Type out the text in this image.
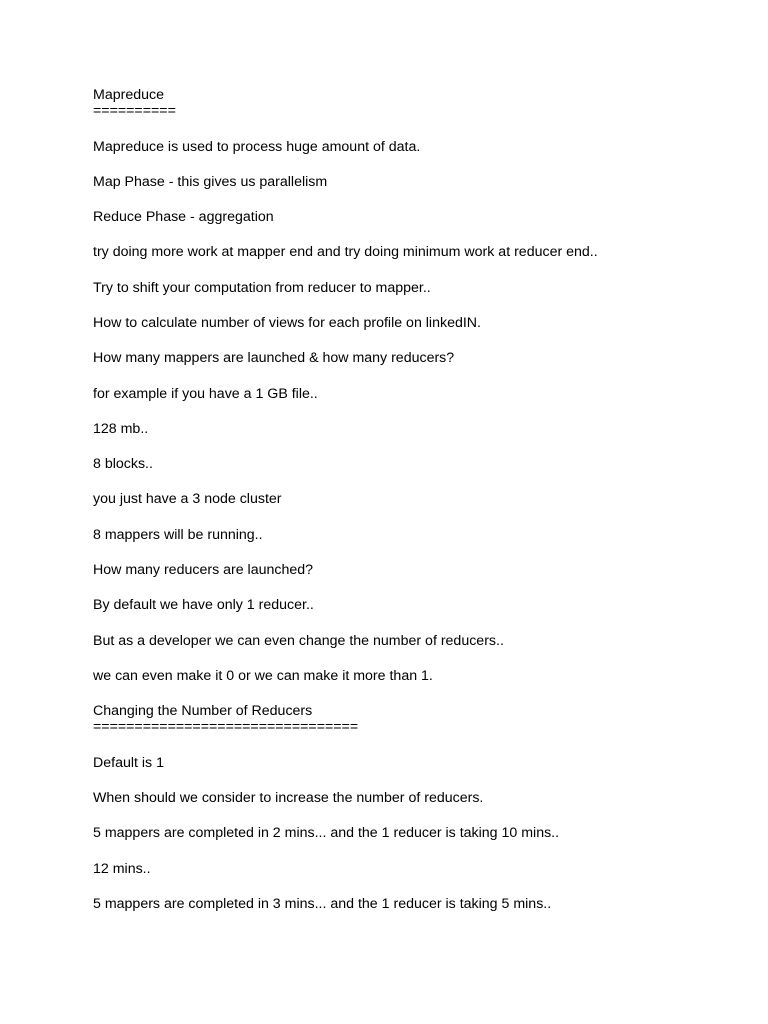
Mapreduce
==========
Mapreduce is used to process huge amount of data.
Map Phase - this gives us parallelism
Reduce Phase - aggregation
try doing more work at mapper end and try doing minimum work at reducer end..
Try to shift your computation from reducer to mapper..
How to calculate number of views for each profile on linkedIN.
How many mappers are launched & how many reducers?
for example if you have a 1 GB file..
128 mb..
8 blocks..
you just have a 3 node cluster
8 mappers will be running..
How many reducers are launched?
By default we have only 1 reducer..
But as a developer we can even change the number of reducers..
we can even make it 0 or we can make it more than 1.
Changing the Number of Reducers
================================
Default is 1
When should we consider to increase the number of reducers.
5 mappers are completed in 2 mins... and the 1 reducer is taking 10 mins..
12 mins..
5 mappers are completed in 3 mins... and the 1 reducer is taking 5 mins..
